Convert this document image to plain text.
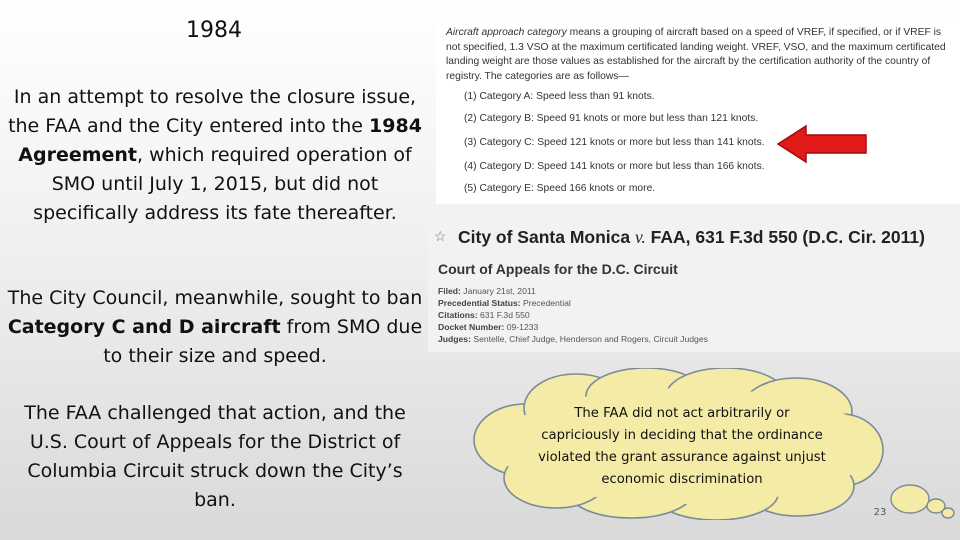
1984
In an attempt to resolve the closure issue, the FAA and the City entered into the 1984 Agreement, which required operation of SMO until July 1, 2015, but did not specifically address its fate thereafter.
The City Council, meanwhile, sought to ban Category C and D aircraft from SMO due to their size and speed.
The FAA challenged that action, and the U.S. Court of Appeals for the District of Columbia Circuit struck down the City’s ban.
Aircraft approach category means a grouping of aircraft based on a speed of VREF, if specified, or if VREF is not specified, 1.3 VSO at the maximum certificated landing weight. VREF, VSO, and the maximum certificated landing weight are those values as established for the aircraft by the certification authority of the country of registry. The categories are as follows—
(1) Category A: Speed less than 91 knots.
(2) Category B: Speed 91 knots or more but less than 121 knots.
(3) Category C: Speed 121 knots or more but less than 141 knots.
(4) Category D: Speed 141 knots or more but less than 166 knots.
(5) Category E: Speed 166 knots or more.
☆ City of Santa Monica v. FAA, 631 F.3d 550 (D.C. Cir. 2011)
Court of Appeals for the D.C. Circuit
Filed: January 21st, 2011
Precedential Status: Precedential
Citations: 631 F.3d 550
Docket Number: 09-1233
Judges: Sentelle, Chief Judge, Henderson and Rogers, Circuit Judges
The FAA did not act arbitrarily or capriciously in deciding that the ordinance violated the grant assurance against unjust economic discrimination
23
